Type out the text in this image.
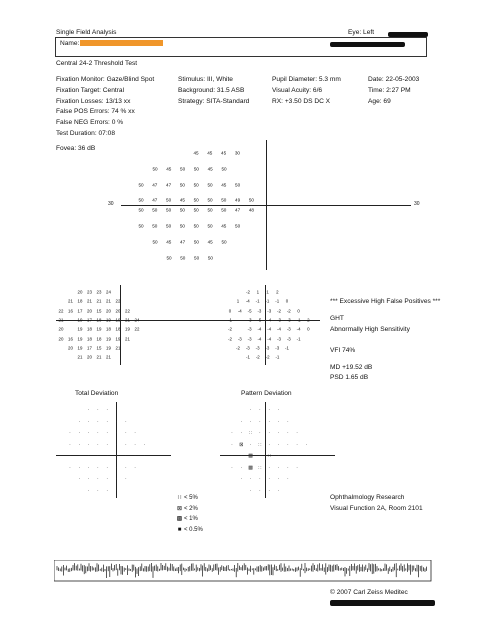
Single Field Analysis	Eye: Left
Name:
Central 24-2 Threshold Test
Fixation Monitor: Gaze/Blind Spot
Fixation Target: Central
Fixation Losses: 13/13 xx
False POS Errors: 74 % xx
False NEG Errors: 0 %
Test Duration: 07:08
Stimulus: III, White
Background: 31.5 ASB
Strategy: SITA-Standard
Pupil Diameter: 5.3 mm
Visual Acuity: 6/6
RX: +3.50 DS DC X
Date: 22-05-2003
Time: 2:27 PM
Age: 69
Fovea: 36 dB
30	30
45 45 45 30
50 45 50 50 45 50
50 47 47 50 50 50 45 50
50 47 50 45 50 50 50 49 50
50 50 50 50 50 50 50 47 48
50 50 50 50 50 50 45 50
50 45 47 50 45 50
50 50 50 50
20 23 23 24
21 18 21 21 21 22
22 16 17 20 15 20 20 22
21	19 17 18 19 19 21 24
20	19 18 19 18 18 19 22
20 16 19 18 18 19 19 21
20 19 17 15 19 21
21 20 21 21
-2 1 1 2
1 -4 -1 -1 -1 0
0 -4 -5 -3 -3 -2 -2 0
-1	-3 -5 -4 -3 -3 -1 2
-2	-3 -4 -4 -4 -3 -4 0
-2 -3 -3 -4 -4 -3 -3 -1
-2 -3 -3 -3 -3 -1
-1 -2 -2 -1
*** Excessive High False Positives ***
GHT
Abnormally High Sensitivity
VFI 74%
MD +19.52 dB
PSD 1.65 dB
Total Deviation	Pattern Deviation
· · · ·
· · · · · ·
· · · · · · · ·
· · · · · · · · ·
· · · · · · · · ·
· · · · · · · ·
· · · · · ·
· · · ·
· · · ·
· · · · · ·
· · ∷ · · · · ·
· ⊠ · ∷ · · · · ·
· · ▩ · ∷ · · · ·
· · ▩ ∷ · · · ·
· · · · · ·
· · · ·
∷ < 5%
⊠ < 2%
▩ < 1%
■ < 0.5%
Ophthalmology Research
Visual Function 2A, Room 2101
© 2007 Carl Zeiss Meditec
